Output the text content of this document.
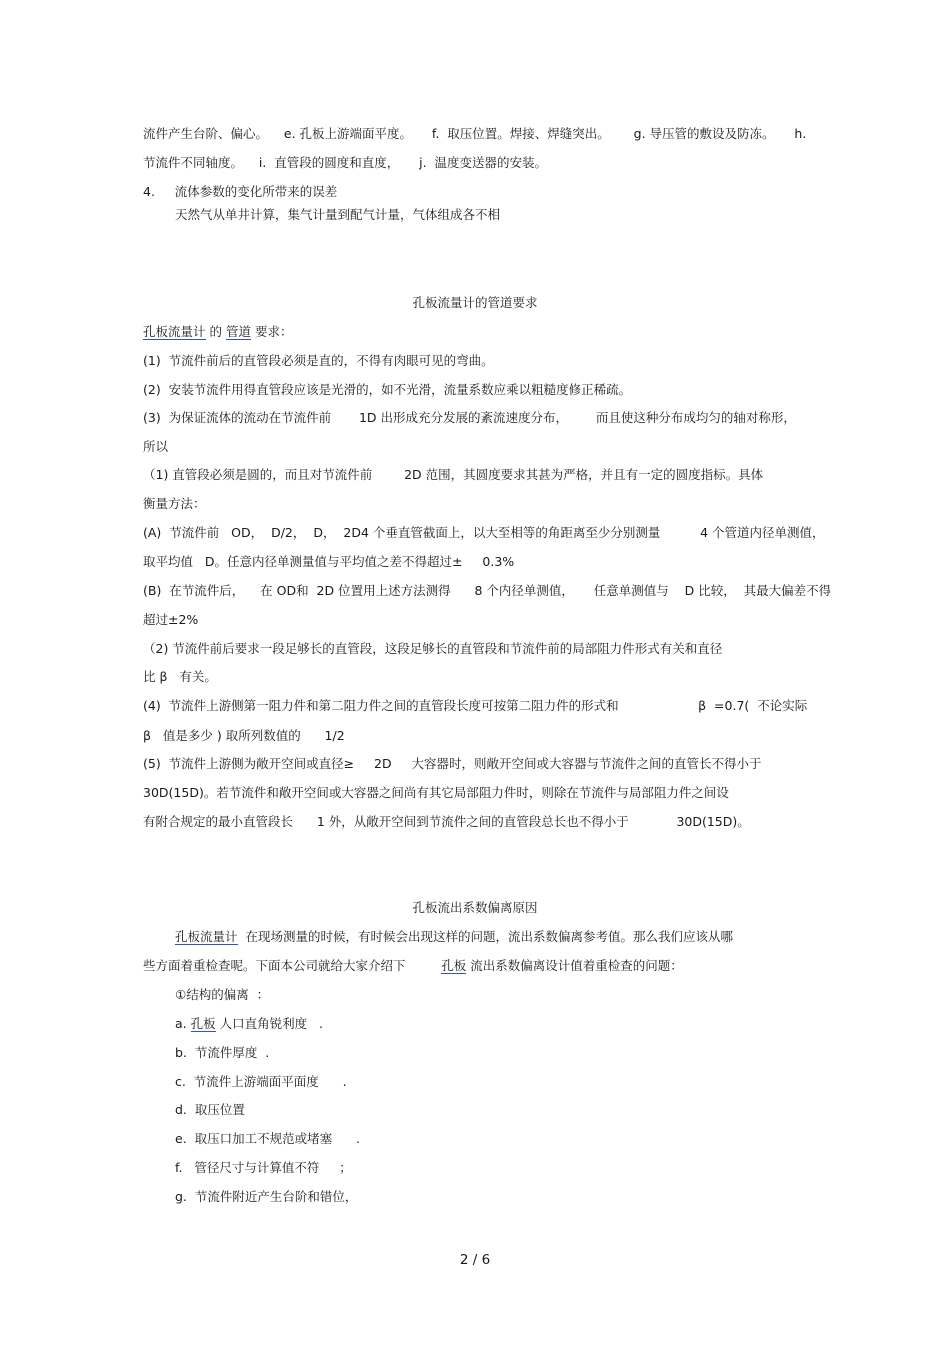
流件产生台阶、偏心。    e. 孔板上游端面平度。     f.  取压位置。焊接、焊缝突出。      g. 导压管的敷设及防冻。     h.
节流件不同轴度。    i.  直管段的圆度和直度，     j.  温度变送器的安装。
4.     流体参数的变化所带来的误差
天然气从单井计算，集气计量到配气计量，气体组成各不相
孔板流量计的管道要求
孔板流量计 的 管道 要求：
(1)  节流件前后的直管段必须是直的，不得有肉眼可见的弯曲。
(2)  安装节流件用得直管段应该是光滑的，如不光滑，流量系数应乘以粗糙度修正稀疏。
(3)  为保证流体的流动在节流件前       1D 出形成充分发展的紊流速度分布，       而且使这种分布成均匀的轴对称形，
所以
（1) 直管段必须是圆的，而且对节流件前        2D 范围，其圆度要求其甚为严格，并且有一定的圆度指标。具体
衡量方法：
(A)  节流件前   OD，  D/2，  D，  2D4 个垂直管截面上，以大至相等的角距离至少分别测量          4 个管道内径单测值，
取平均值   D。任意内径单测量值与平均值之差不得超过±     0.3%
(B)  在节流件后，    在 OD和  2D 位置用上述方法测得      8 个内径单测值，     任意单测值与    D 比较，  其最大偏差不得
超过±2%
（2) 节流件前后要求一段足够长的直管段，这段足够长的直管段和节流件前的局部阻力件形式有关和直径
比 β   有关。
(4)  节流件上游侧第一阻力件和第二阻力件之间的直管段长度可按第二阻力件的形式和                    β  =0.7(  不论实际
β   值是多少 ) 取所列数值的      1/2
(5)  节流件上游侧为敞开空间或直径≥     2D     大容器时，则敞开空间或大容器与节流件之间的直管长不得小于
30D(15D)。若节流件和敞开空间或大容器之间尚有其它局部阻力件时，则除在节流件与局部阻力件之间设
有附合规定的最小直管段长      1 外，从敞开空间到节流件之间的直管段总长也不得小于            30D(15D)。
孔板流出系数偏离原因
孔板流量计  在现场测量的时候，有时候会出现这样的问题，流出系数偏离参考值。那么我们应该从哪
些方面着重检查呢。下面本公司就给大家介绍下         孔板 流出系数偏离设计值着重检查的问题：
①结构的偏离  ：
a. 孔板 人口直角锐利度   .
b.  节流件厚度  .
c.  节流件上游端面平面度      .
d.  取压位置
e.  取压口加工不规范或堵塞      .
f.   管径尺寸与计算值不符     ；
g.  节流件附近产生台阶和错位，
2 / 6
